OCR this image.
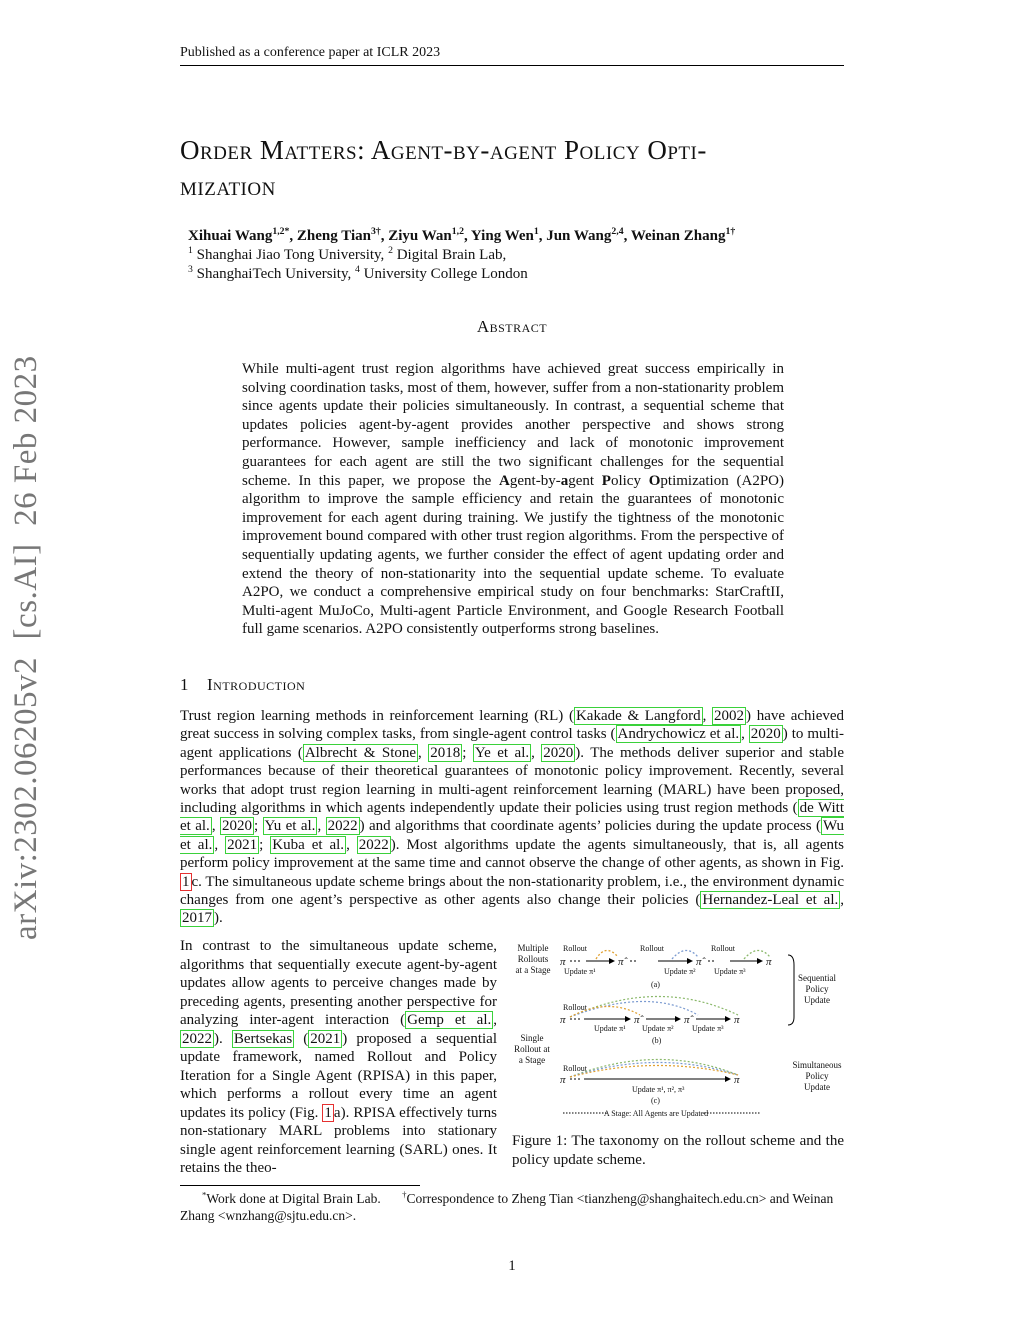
Published as a conference paper at ICLR 2023
Order Matters: Agent-by-agent Policy Opti-
mization
Xihuai Wang$^{1,2*}$, Zheng Tian$^{3\dagger}$, Ziyu Wan$^{1,2}$, Ying Wen$^1$, Jun Wang$^{2,4}$, Weinan Zhang$^{1\dagger}$
$^1$ Shanghai Jiao Tong University, $^2$ Digital Brain Lab,
$^3$ ShanghaiTech University, $^4$ University College London
Abstract
While multi-agent trust region algorithms have achieved great success empirically in solving coordination tasks, most of them, however, suffer from a non-stationarity problem since agents update their policies simultaneously. In contrast, a sequential scheme that updates policies agent-by-agent provides another perspective and shows strong performance. However, sample inefficiency and lack of monotonic improvement guarantees for each agent are still the two significant challenges for the sequential scheme. In this paper, we propose the Agent-by-agent Policy Optimization (A2PO) algorithm to improve the sample efficiency and retain the guarantees of monotonic improvement for each agent during training. We justify the tightness of the monotonic improvement bound compared with other trust region algorithms. From the perspective of sequentially updating agents, we further consider the effect of agent updating order and extend the theory of non-stationarity into the sequential update scheme. To evaluate A2PO, we conduct a comprehensive empirical study on four benchmarks: StarCraftII, Multi-agent MuJoCo, Multi-agent Particle Environment, and Google Research Football full game scenarios. A2PO consistently outperforms strong baselines.
1 Introduction
Trust region learning methods in reinforcement learning (RL) ( Kakade & Langford , 2002 ) have achieved great success in solving complex tasks, from single-agent control tasks ( Andrychowicz et al. , 2020 ) to multi-agent applications ( Albrecht & Stone , 2018 ; Ye et al. , 2020 ). The methods deliver superior and stable performances because of their theoretical guarantees of monotonic policy improvement. Recently, several works that adopt trust region learning in multi-agent reinforcement learning (MARL) have been proposed, including algorithms in which agents independently update their policies using trust region methods ( de Witt et al. , 2020 ; Yu et al. , 2022 ) and algorithms that coordinate agents’ policies during the update process ( Wu et al. , 2021 ; Kuba et al. , 2022 ). Most algorithms update the agents simultaneously, that is, all agents perform policy improvement at the same time and cannot observe the change of other agents, as shown in Fig. 1 c. The simultaneous update scheme brings about the non-stationarity problem, i.e., the environment dynamic changes from one agent’s perspective as other agents also change their policies ( Hernandez-Leal et al. , 2017 ).
In contrast to the simultaneous update scheme, algorithms that sequentially execute agent-by-agent updates allow agents to perceive changes made by preceding agents, presenting another perspective for analyzing inter-agent interaction ( Gemp et al. , 2022 ). Bertsekas ( 2021 ) proposed a sequential update framework, named Rollout and Policy Iteration for a Single Agent (RPISA) in this paper, which performs a rollout every time an agent updates its policy (Fig. 1 a). RPISA effectively turns non-stationary MARL problems into stationary single agent reinforcement learning (SARL) ones. It retains the theo-
Multiple
Rollouts
at a Stage
Single
Rollout at
a Stage
Sequential
Policy
Update
Simultaneous
Policy
Update
Rollout	Rollout	Rollout
π	π̂	π̂	π
Update π¹	Update π² Update π³
(a)
Rollout
π	π̂	π̂	π
Update π¹ Update π² Update π³
(b)
Rollout
π	π
Update π¹, π², π³
(c)
A Stage: All Agents are Updated
Figure 1: The taxonomy on the rollout scheme and the policy update scheme.
*Work done at Digital Brain Lab. †Correspondence to Zheng Tian <tianzheng@shanghaitech.edu.cn> and Weinan Zhang <wnzhang@sjtu.edu.cn>.
1
arXiv:2302.06205v2  [cs.AI]  26 Feb 2023
